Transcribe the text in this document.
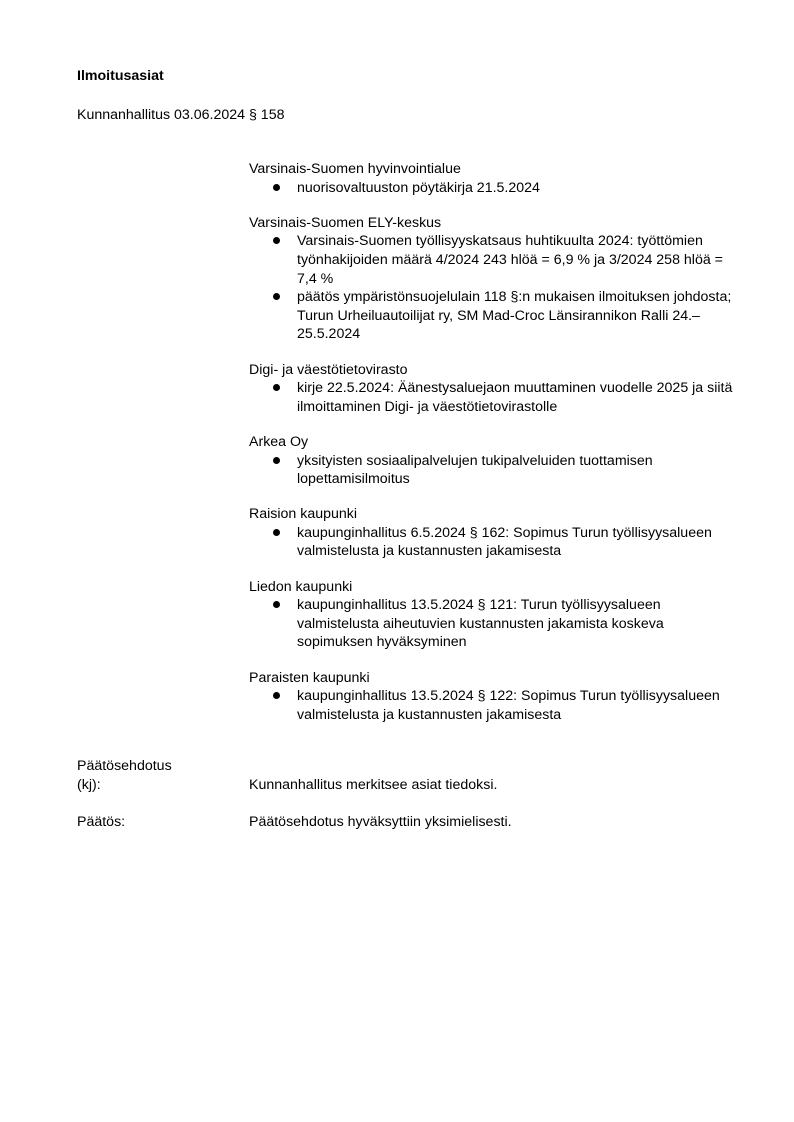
Ilmoitusasiat
Kunnanhallitus 03.06.2024 § 158
Varsinais-Suomen hyvinvointialue
nuorisovaltuuston pöytäkirja 21.5.2024
Varsinais-Suomen ELY-keskus
Varsinais-Suomen työllisyyskatsaus huhtikuulta 2024: työttömien työnhakijoiden määrä 4/2024 243 hlöä = 6,9 % ja 3/2024 258 hlöä = 7,4 %
päätös ympäristönsuojelulain 118 §:n mukaisen ilmoituksen johdosta; Turun Urheiluautoilijat ry, SM Mad-Croc Länsirannikon Ralli 24.–25.5.2024
Digi- ja väestötietovirasto
kirje 22.5.2024: Äänestysaluejaon muuttaminen vuodelle 2025 ja siitä ilmoittaminen Digi- ja väestötietovirastolle
Arkea Oy
yksityisten sosiaalipalvelujen tukipalveluiden tuottamisen lopettamisilmoitus
Raision kaupunki
kaupunginhallitus 6.5.2024 § 162: Sopimus Turun työllisyysalueen valmistelusta ja kustannusten jakamisesta
Liedon kaupunki
kaupunginhallitus 13.5.2024 § 121: Turun työllisyysalueen valmistelusta aiheutuvien kustannusten jakamista koskeva sopimuksen hyväksyminen
Paraisten kaupunki
kaupunginhallitus 13.5.2024 § 122: Sopimus Turun työllisyysalueen valmistelusta ja kustannusten jakamisesta
Päätösehdotus
(kj):
	Kunnanhallitus merkitsee asiat tiedoksi.
Päätös:	Päätösehdotus hyväksyttiin yksimielisesti.
